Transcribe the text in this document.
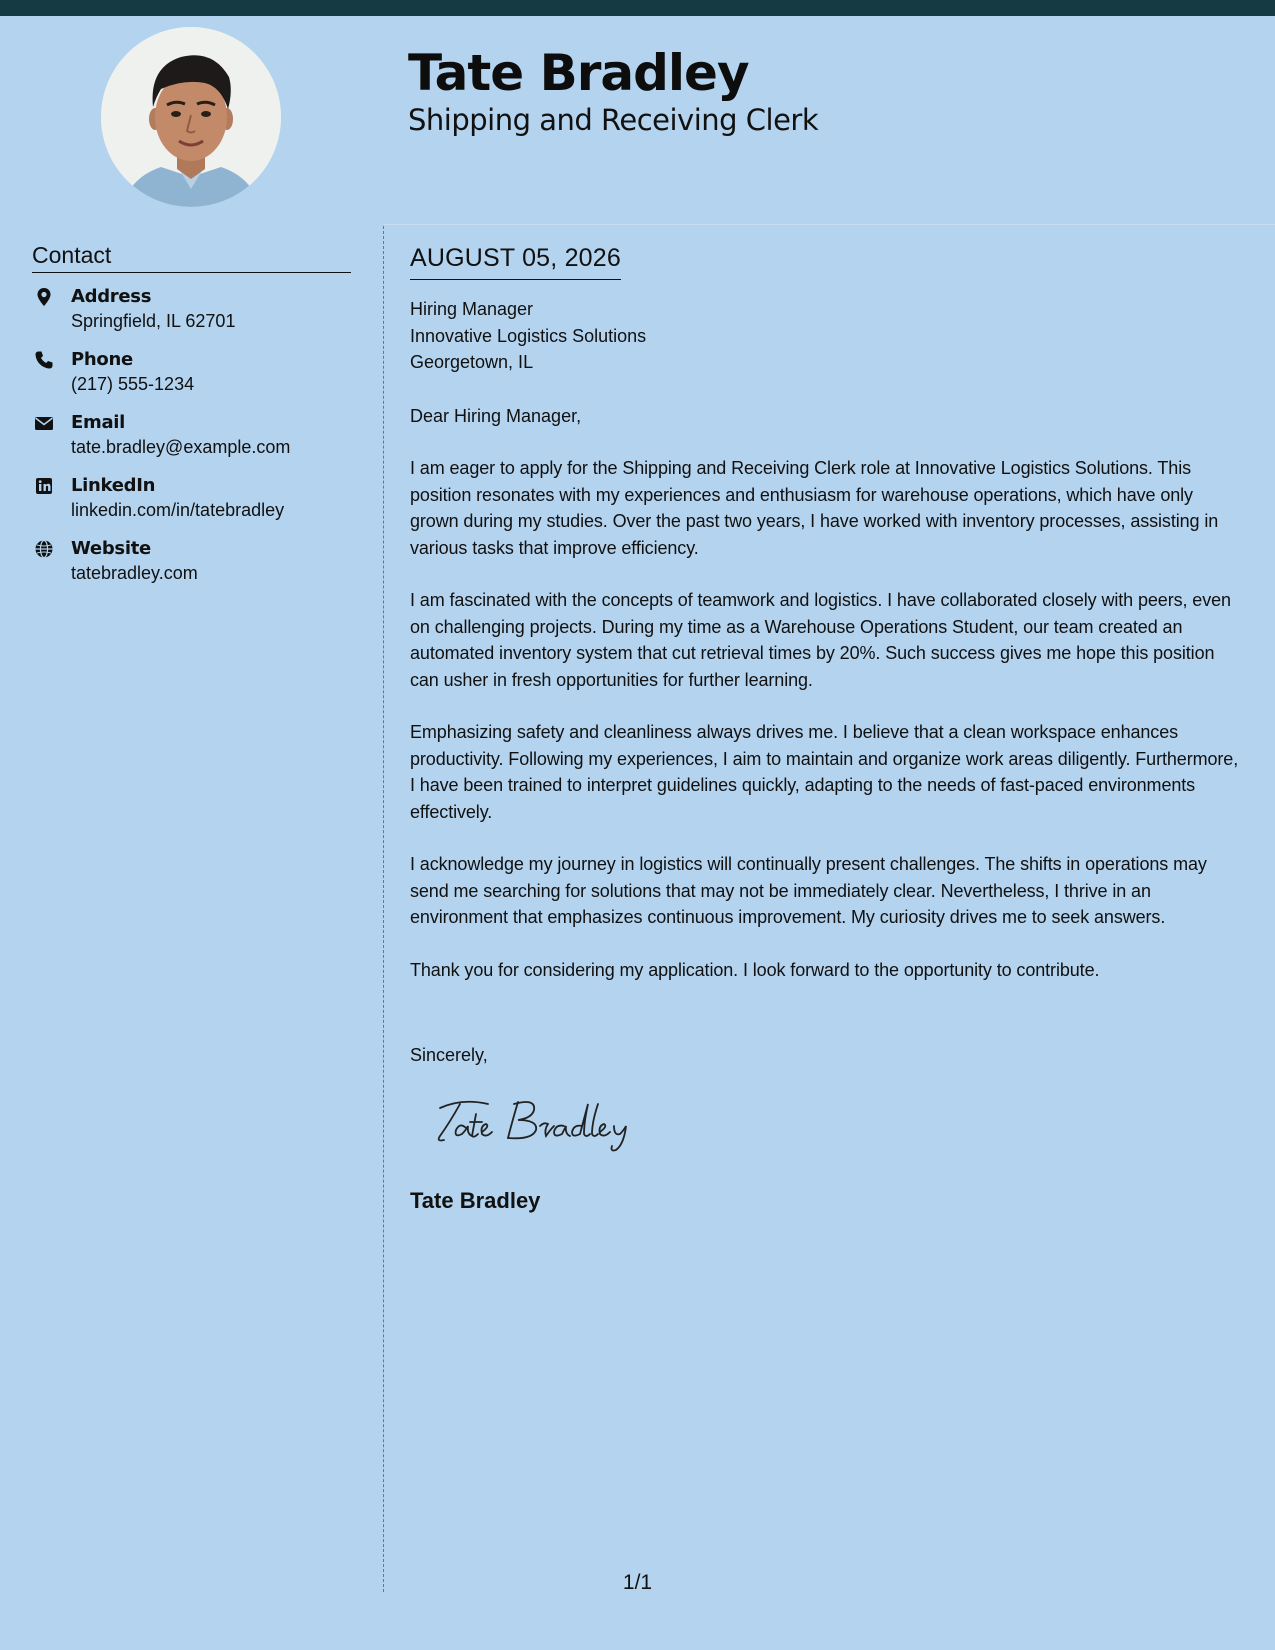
Tate Bradley
Shipping and Receiving Clerk
Contact
Address
Springfield, IL 62701
Phone
(217) 555-1234
Email
tate.bradley@example.com
LinkedIn
linkedin.com/in/tatebradley
Website
tatebradley.com
AUGUST 05, 2026
Hiring Manager
Innovative Logistics Solutions
Georgetown, IL
Dear Hiring Manager,

I am eager to apply for the Shipping and Receiving Clerk role at Innovative Logistics Solutions. This position resonates with my experiences and enthusiasm for warehouse operations, which have only grown during my studies. Over the past two years, I have worked with inventory processes, assisting in various tasks that improve efficiency.

I am fascinated with the concepts of teamwork and logistics. I have collaborated closely with peers, even on challenging projects. During my time as a Warehouse Operations Student, our team created an automated inventory system that cut retrieval times by 20%. Such success gives me hope this position can usher in fresh opportunities for further learning.

Emphasizing safety and cleanliness always drives me. I believe that a clean workspace enhances productivity. Following my experiences, I aim to maintain and organize work areas diligently. Furthermore, I have been trained to interpret guidelines quickly, adapting to the needs of fast-paced environments effectively.

I acknowledge my journey in logistics will continually present challenges. The shifts in operations may send me searching for solutions that may not be immediately clear. Nevertheless, I thrive in an environment that emphasizes continuous improvement. My curiosity drives me to seek answers.

Thank you for considering my application. I look forward to the opportunity to contribute.

Sincerely,
Tate Bradley
1/1
